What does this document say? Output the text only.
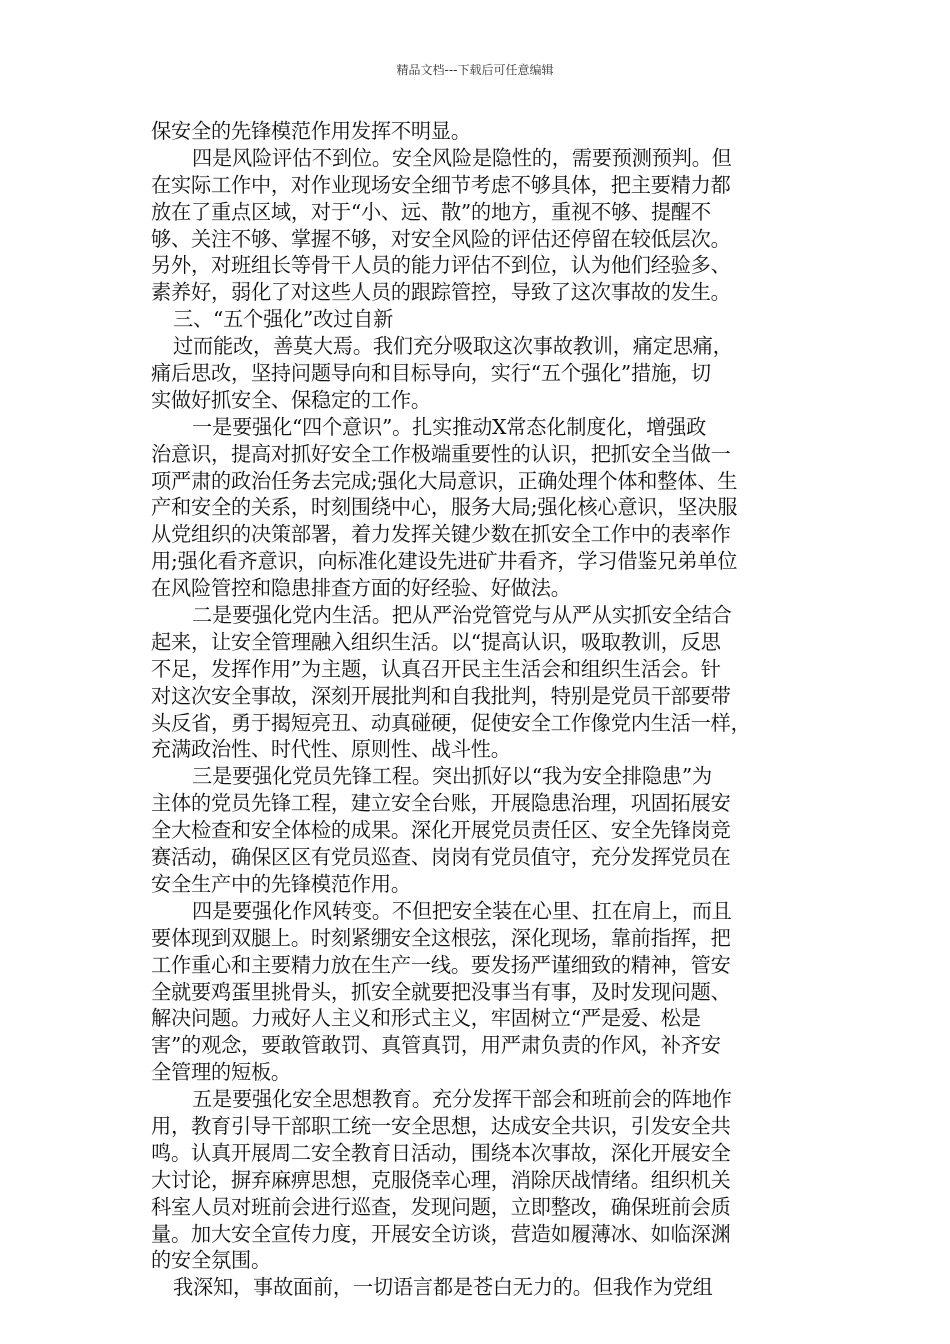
精品文档---下载后可任意编辑
保安全的先锋模范作用发挥不明显。
四是风险评估不到位。安全风险是隐性的，需要预测预判。但
在实际工作中，对作业现场安全细节考虑不够具体，把主要精力都
放在了重点区域，对于“小、远、散”的地方，重视不够、提醒不
够、关注不够、掌握不够，对安全风险的评估还停留在较低层次。
另外，对班组长等骨干人员的能力评估不到位，认为他们经验多、
素养好，弱化了对这些人员的跟踪管控，导致了这次事故的发生。
三、“五个强化”改过自新
过而能改，善莫大焉。我们充分吸取这次事故教训，痛定思痛，
痛后思改，坚持问题导向和目标导向，实行“五个强化”措施，切
实做好抓安全、保稳定的工作。
一是要强化“四个意识”。扎实推动X常态化制度化，增强政
治意识，提高对抓好安全工作极端重要性的认识，把抓安全当做一
项严肃的政治任务去完成;强化大局意识，正确处理个体和整体、生
产和安全的关系，时刻围绕中心，服务大局;强化核心意识，坚决服
从党组织的决策部署，着力发挥关键少数在抓安全工作中的表率作
用;强化看齐意识，向标准化建设先进矿井看齐，学习借鉴兄弟单位
在风险管控和隐患排查方面的好经验、好做法。
二是要强化党内生活。把从严治党管党与从严从实抓安全结合
起来，让安全管理融入组织生活。以“提高认识，吸取教训，反思
不足，发挥作用”为主题，认真召开民主生活会和组织生活会。针
对这次安全事故，深刻开展批判和自我批判，特别是党员干部要带
头反省，勇于揭短亮丑、动真碰硬，促使安全工作像党内生活一样，
充满政治性、时代性、原则性、战斗性。
三是要强化党员先锋工程。突出抓好以“我为安全排隐患”为
主体的党员先锋工程，建立安全台账，开展隐患治理，巩固拓展安
全大检查和安全体检的成果。深化开展党员责任区、安全先锋岗竞
赛活动，确保区区有党员巡查、岗岗有党员值守，充分发挥党员在
安全生产中的先锋模范作用。
四是要强化作风转变。不但把安全装在心里、扛在肩上，而且
要体现到双腿上。时刻紧绷安全这根弦，深化现场，靠前指挥，把
工作重心和主要精力放在生产一线。要发扬严谨细致的精神，管安
全就要鸡蛋里挑骨头，抓安全就要把没事当有事，及时发现问题、
解决问题。力戒好人主义和形式主义，牢固树立“严是爱、松是
害”的观念，要敢管敢罚、真管真罚，用严肃负责的作风，补齐安
全管理的短板。
五是要强化安全思想教育。充分发挥干部会和班前会的阵地作
用，教育引导干部职工统一安全思想，达成安全共识，引发安全共
鸣。认真开展周二安全教育日活动，围绕本次事故，深化开展安全
大讨论，摒弃麻痹思想，克服侥幸心理，消除厌战情绪。组织机关
科室人员对班前会进行巡查，发现问题，立即整改，确保班前会质
量。加大安全宣传力度，开展安全访谈，营造如履薄冰、如临深渊
的安全氛围。
我深知，事故面前，一切语言都是苍白无力的。但我作为党组
